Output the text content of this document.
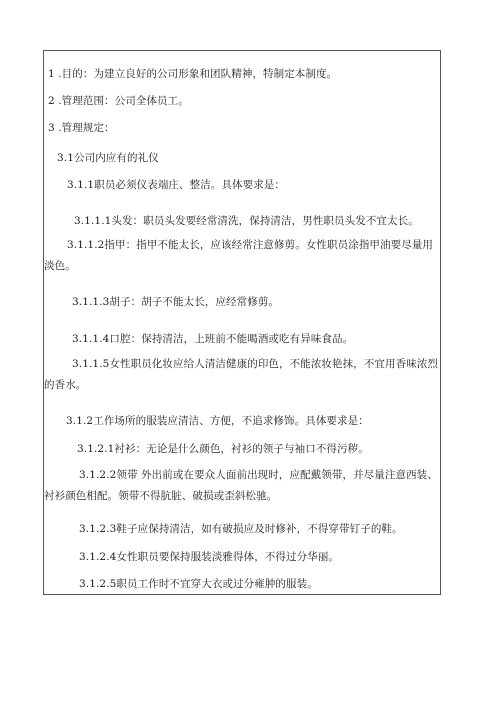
1 .目的：为建立良好的公司形象和团队精神，特制定本制度。
2 .管理范围：公司全体员工。
3 .管理规定：
3.1公司内应有的礼仪
3.1.1职员必须仪表端庄、整洁。具体要求是：
3.1.1.1头发：职员头发要经常清洗，保持清洁，男性职员头发不宜太长。
3.1.1.2指甲：指甲不能太长，应该经常注意修剪。女性职员涂指甲油要尽量用淡色。
3.1.1.3胡子：胡子不能太长，应经常修剪。
3.1.1.4口腔：保持清洁，上班前不能喝酒或吃有异味食品。
3.1.1.5女性职员化妆应给人清洁健康的印色，不能浓妆艳抹，不宜用香味浓烈的香水。
3.1.2工作场所的服装应清洁、方便，不追求修饰。具体要求是：
3.1.2.1衬衫：无论是什么颜色，衬衫的领子与袖口不得污秽。
3.1.2.2领带 外出前或在要众人面前出现时，应配戴领带，并尽量注意西装、衬衫颜色相配。领带不得肮脏、破损或歪斜松驰。
3.1.2.3鞋子应保持清洁，如有破损应及时修补，不得穿带钉子的鞋。
3.1.2.4女性职员要保持服装淡雅得体，不得过分华丽。
3.1.2.5职员工作时不宜穿大衣或过分雍肿的服装。
